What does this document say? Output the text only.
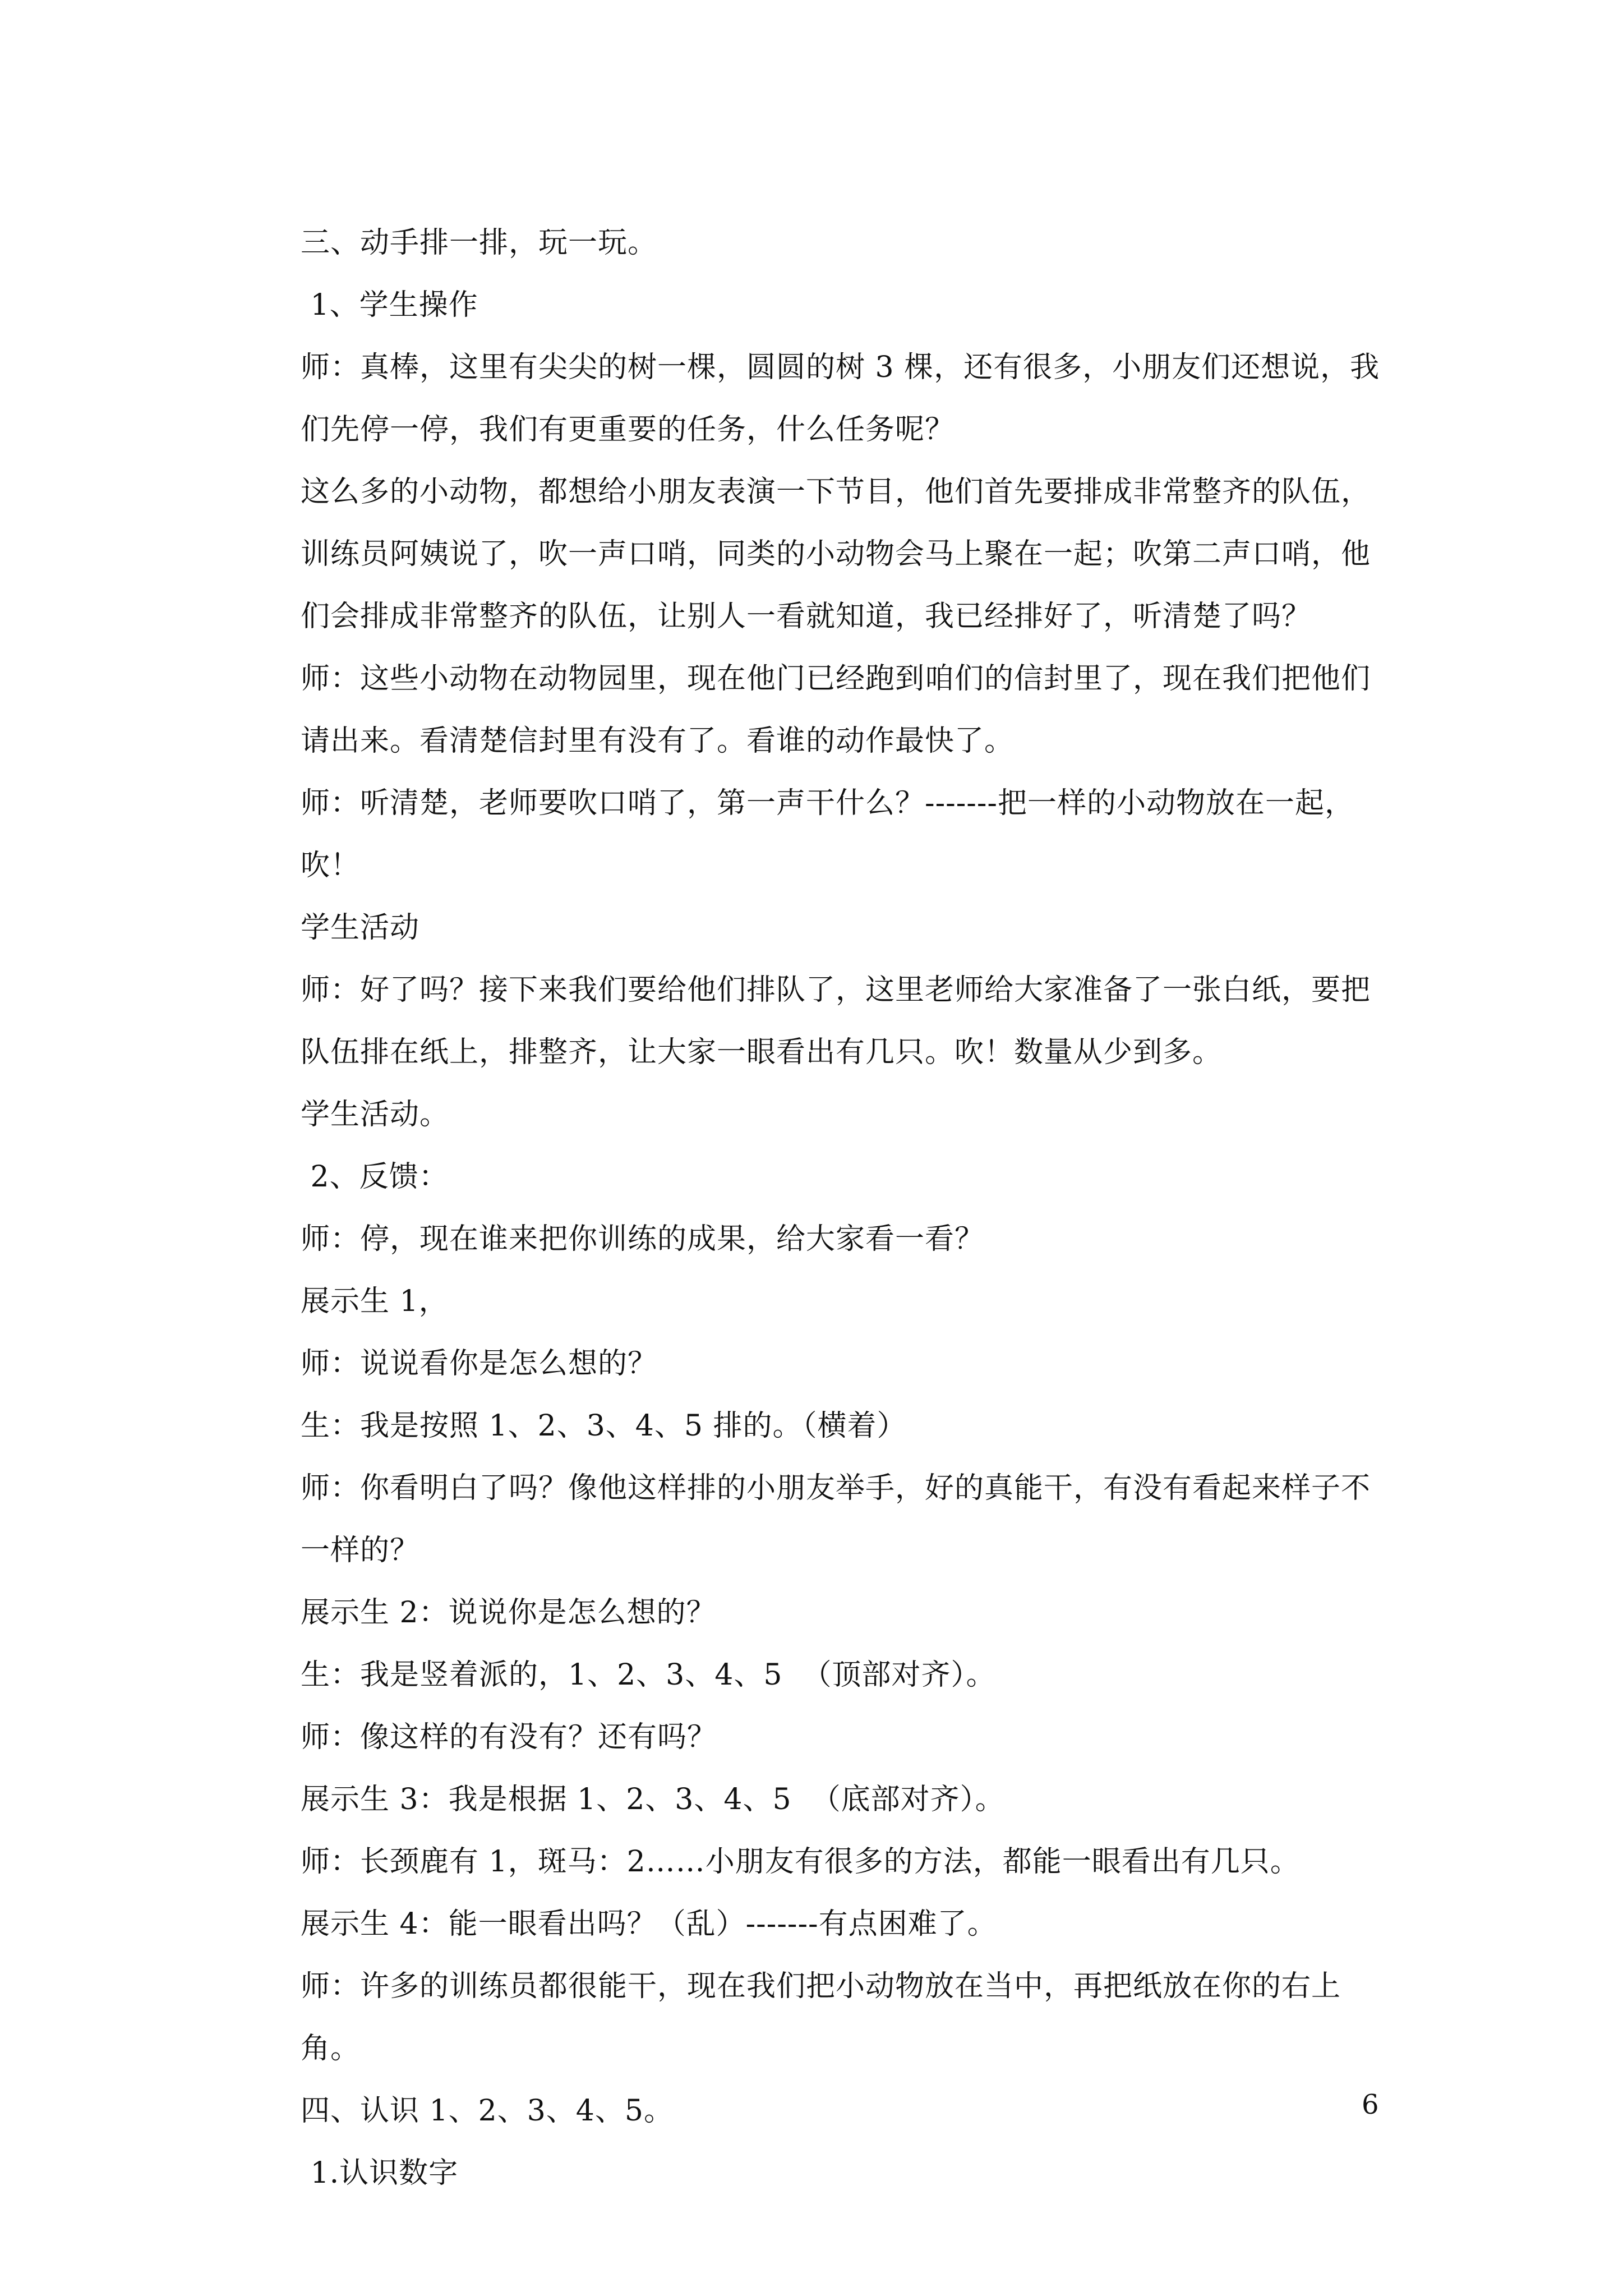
三、动手排一排，玩一玩。

1、学生操作

师：真棒，这里有尖尖的树一棵，圆圆的树 3 棵，还有很多，小朋友们还想说，我们先停一停，我们有更重要的任务，什么任务呢？

这么多的小动物，都想给小朋友表演一下节目，他们首先要排成非常整齐的队伍，训练员阿姨说了，吹一声口哨，同类的小动物会马上聚在一起；吹第二声口哨，他们会排成非常整齐的队伍，让别人一看就知道，我已经排好了，听清楚了吗？

师：这些小动物在动物园里，现在他门已经跑到咱们的信封里了，现在我们把他们请出来。看清楚信封里有没有了。看谁的动作最快了。

师：听清楚，老师要吹口哨了，第一声干什么？-------把一样的小动物放在一起，吹！

学生活动

师：好了吗？接下来我们要给他们排队了，这里老师给大家准备了一张白纸，要把队伍排在纸上，排整齐，让大家一眼看出有几只。吹！数量从少到多。

学生活动。

2、反馈：

师：停，现在谁来把你训练的成果，给大家看一看？

展示生 1，

师：说说看你是怎么想的？

生：我是按照 1、2、3、4、5 排的。（横着）

师：你看明白了吗？像他这样排的小朋友举手，好的真能干，有没有看起来样子不一样的？

展示生 2：说说你是怎么想的？

生：我是竖着派的，1、2、3、4、5  （顶部对齐）。

师：像这样的有没有？还有吗？

展示生 3：我是根据 1、2、3、4、5  （底部对齐）。

师：长颈鹿有 1，斑马：2……小朋友有很多的方法，都能一眼看出有几只。

展示生 4：能一眼看出吗？（乱）-------有点困难了。

师：许多的训练员都很能干，现在我们把小动物放在当中，再把纸放在你的右上角。

四、认识 1、2、3、4、5。

1.认识数字

6
